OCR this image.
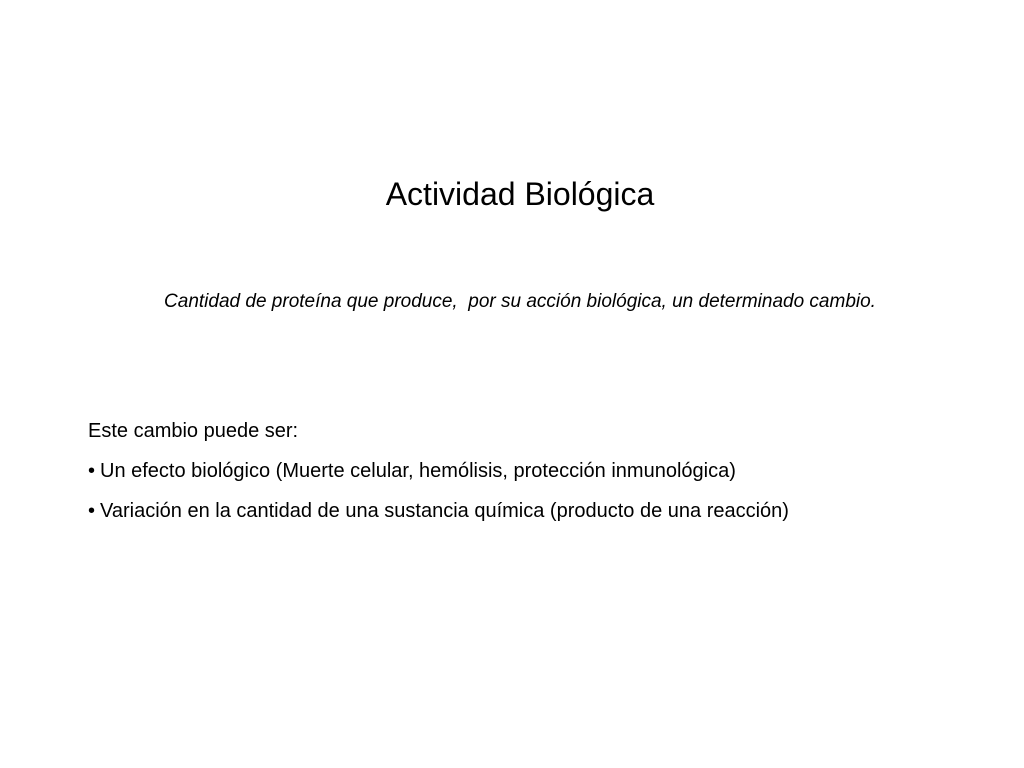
Actividad Biológica
Cantidad de proteína que produce,  por su acción biológica, un determinado cambio.
Este cambio puede ser:
• Un efecto biológico (Muerte celular, hemólisis, protección inmunológica)
• Variación en la cantidad de una sustancia química (producto de una reacción)
